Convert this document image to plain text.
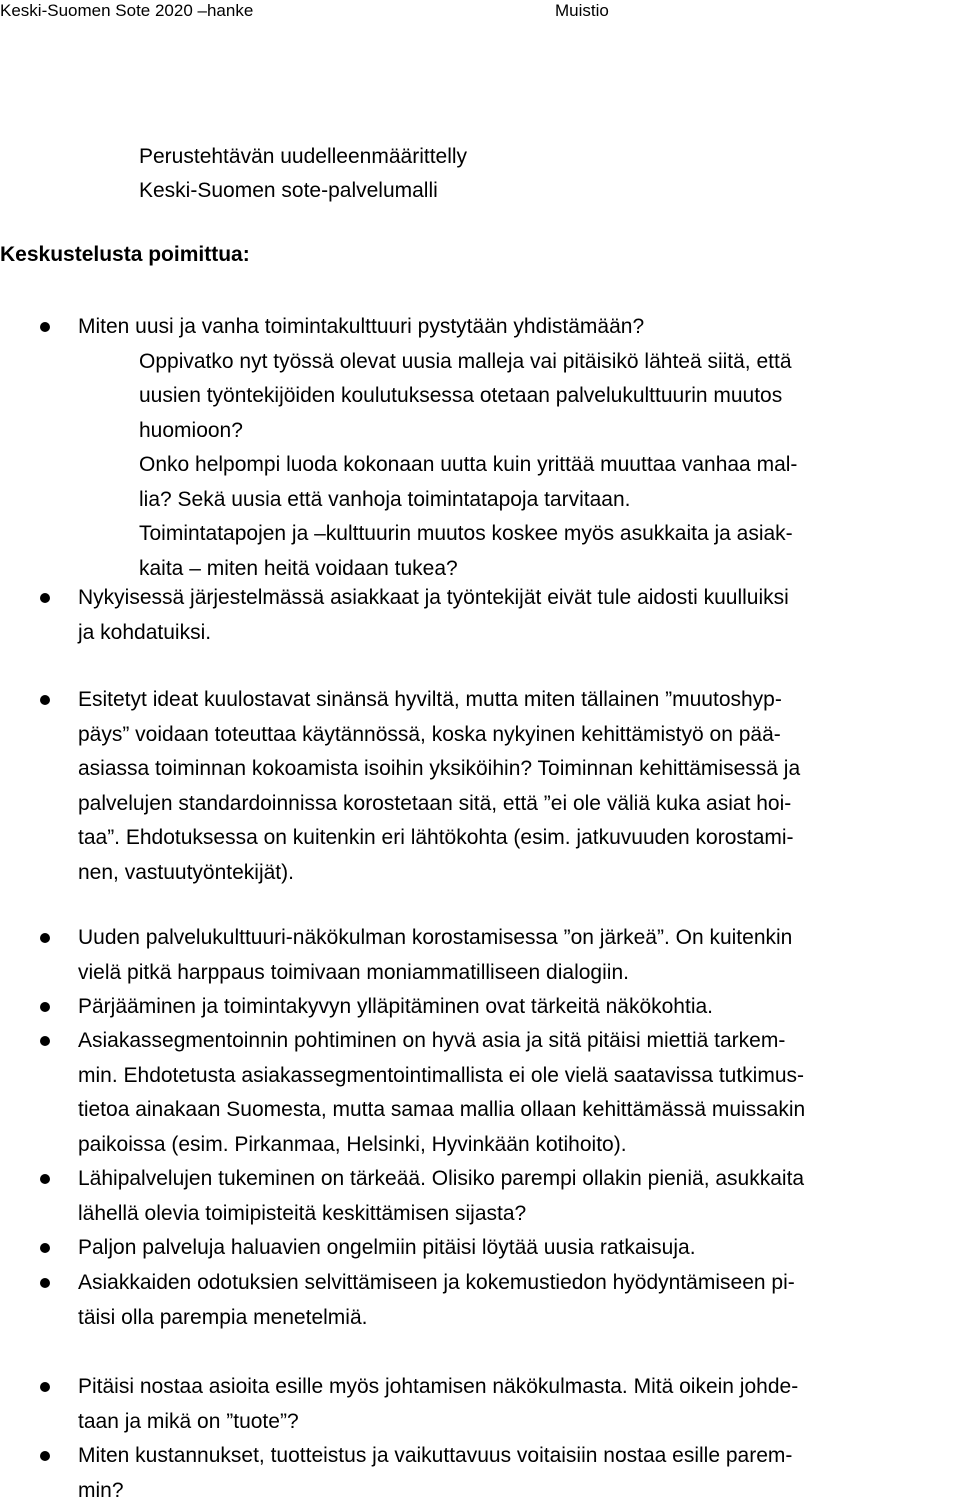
Keski-Suomen Sote 2020 –hanke	Muistio
Perustehtävän uudelleenmäärittelly
Keski-Suomen sote-palvelumalli
Keskustelusta poimittua:
Miten uusi ja vanha toimintakulttuuri pystytään yhdistämään?
Oppivatko nyt työssä olevat uusia malleja vai pitäisikö lähteä siitä, että
uusien työntekijöiden koulutuksessa otetaan palvelukulttuurin muutos
huomioon?
Onko helpompi luoda kokonaan uutta kuin yrittää muuttaa vanhaa mal-
lia? Sekä uusia että vanhoja toimintatapoja tarvitaan.
Toimintatapojen ja –kulttuurin muutos koskee myös asukkaita ja asiak-
kaita – miten heitä voidaan tukea?
Nykyisessä järjestelmässä asiakkaat ja työntekijät eivät tule aidosti kuulluiksi
ja kohdatuiksi.
Esitetyt ideat kuulostavat sinänsä hyviltä, mutta miten tällainen ”muutoshyp-
päys” voidaan toteuttaa käytännössä, koska nykyinen kehittämistyö on pää-
asiassa toiminnan kokoamista isoihin yksiköihin? Toiminnan kehittämisessä ja
palvelujen standardoinnissa korostetaan sitä, että ”ei ole väliä kuka asiat hoi-
taa”. Ehdotuksessa on kuitenkin eri lähtökohta (esim. jatkuvuuden korostami-
nen, vastuutyöntekijät).
Uuden palvelukulttuuri-näkökulman korostamisessa ”on järkeä”. On kuitenkin
vielä pitkä harppaus toimivaan moniammatilliseen dialogiin.
Pärjääminen ja toimintakyvyn ylläpitäminen ovat tärkeitä näkökohtia.
Asiakassegmentoinnin pohtiminen on hyvä asia ja sitä pitäisi miettiä tarkem-
min. Ehdotetusta asiakassegmentointimallista ei ole vielä saatavissa tutkimus-
tietoa ainakaan Suomesta, mutta samaa mallia ollaan kehittämässä muissakin
paikoissa (esim. Pirkanmaa, Helsinki, Hyvinkään kotihoito).
Lähipalvelujen tukeminen on tärkeää. Olisiko parempi ollakin pieniä, asukkaita
lähellä olevia toimipisteitä keskittämisen sijasta?
Paljon palveluja haluavien ongelmiin pitäisi löytää uusia ratkaisuja.
Asiakkaiden odotuksien selvittämiseen ja kokemustiedon hyödyntämiseen pi-
täisi olla parempia menetelmiä.
Pitäisi nostaa asioita esille myös johtamisen näkökulmasta. Mitä oikein johde-
taan ja mikä on ”tuote”?
Miten kustannukset, tuotteistus ja vaikuttavuus voitaisiin nostaa esille parem-
min?
